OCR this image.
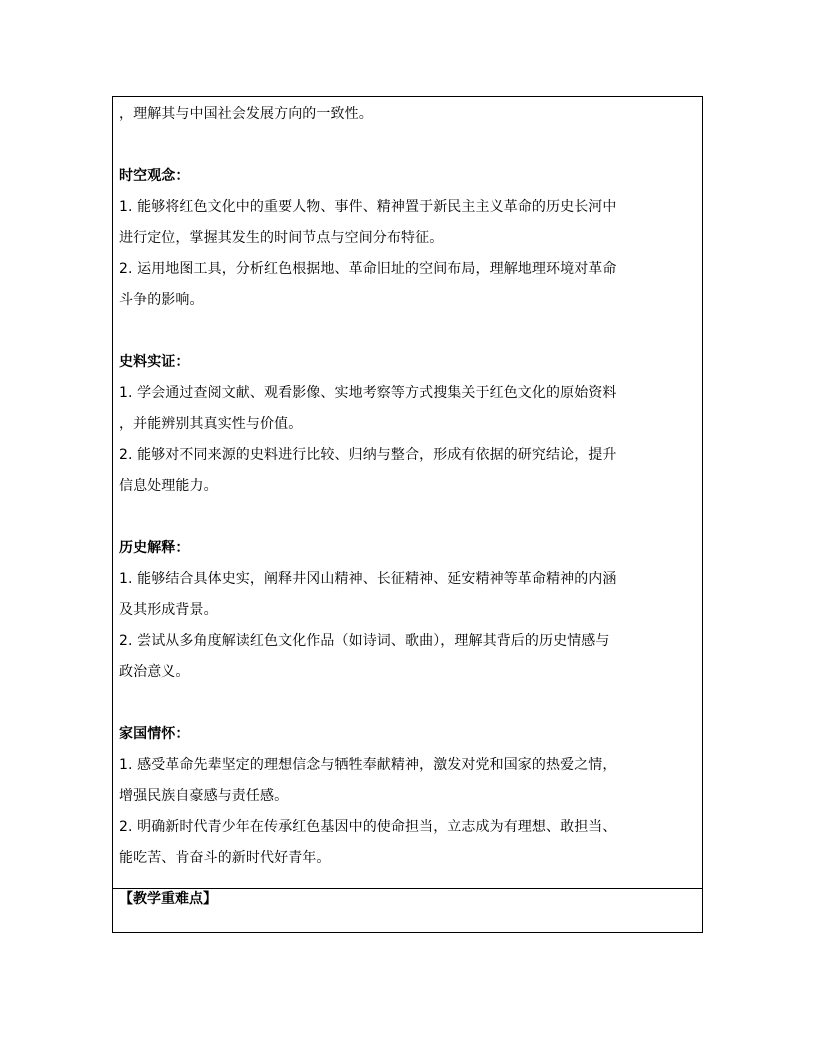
，理解其与中国社会发展方向的一致性。
时空观念：
1. 能够将红色文化中的重要人物、事件、精神置于新民主主义革命的历史长河中
进行定位，掌握其发生的时间节点与空间分布特征。
2. 运用地图工具，分析红色根据地、革命旧址的空间布局，理解地理环境对革命
斗争的影响。
史料实证：
1. 学会通过查阅文献、观看影像、实地考察等方式搜集关于红色文化的原始资料
，并能辨别其真实性与价值。
2. 能够对不同来源的史料进行比较、归纳与整合，形成有依据的研究结论，提升
信息处理能力。
历史解释：
1. 能够结合具体史实，阐释井冈山精神、长征精神、延安精神等革命精神的内涵
及其形成背景。
2. 尝试从多角度解读红色文化作品（如诗词、歌曲），理解其背后的历史情感与
政治意义。
家国情怀：
1. 感受革命先辈坚定的理想信念与牺牲奉献精神，激发对党和国家的热爱之情，
增强民族自豪感与责任感。
2. 明确新时代青少年在传承红色基因中的使命担当，立志成为有理想、敢担当、
能吃苦、肯奋斗的新时代好青年。
【教学重难点】
